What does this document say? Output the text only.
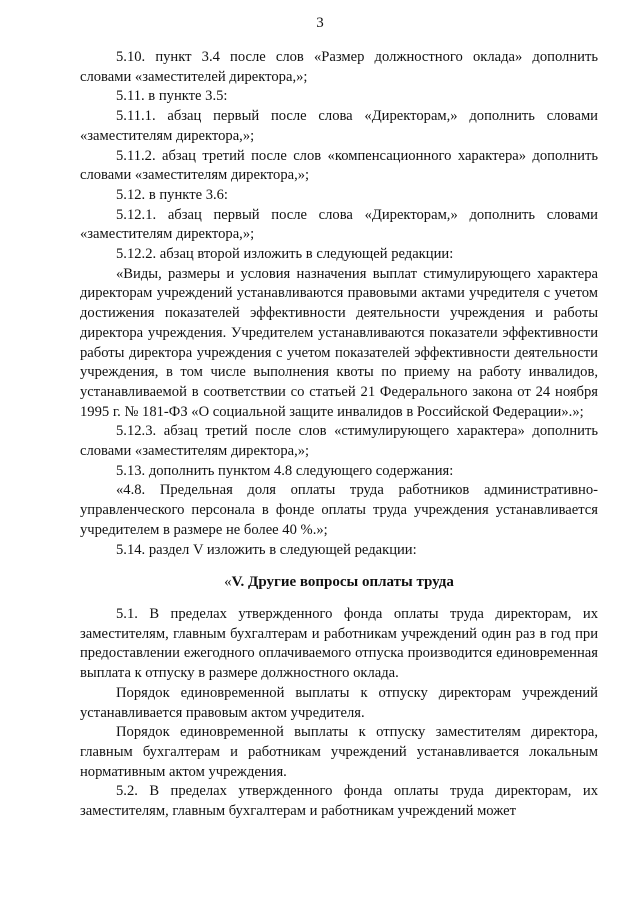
3

5.10. пункт 3.4 после слов «Размер должностного оклада» дополнить словами «заместителей директора,»;

5.11. в пункте 3.5:

5.11.1. абзац первый после слова «Директорам,» дополнить словами «заместителям директора,»;

5.11.2. абзац третий после слов «компенсационного характера» дополнить словами «заместителям директора,»;

5.12. в пункте 3.6:

5.12.1. абзац первый после слова «Директорам,» дополнить словами «заместителям директора,»;

5.12.2. абзац второй изложить в следующей редакции:

«Виды, размеры и условия назначения выплат стимулирующего характера директорам учреждений устанавливаются правовыми актами учредителя с учетом достижения показателей эффективности деятельности учреждения и работы директора учреждения. Учредителем устанавливаются показатели эффективности работы директора учреждения с учетом показателей эффективности деятельности учреждения, в том числе выполнения квоты по приему на работу инвалидов, устанавливаемой в соответствии со статьей 21 Федерального закона от 24 ноября 1995 г. № 181-ФЗ «О социальной защите инвалидов в Российской Федерации».»;

5.12.3. абзац третий после слов «стимулирующего характера» дополнить словами «заместителям директора,»;

5.13. дополнить пунктом 4.8 следующего содержания:

«4.8. Предельная доля оплаты труда работников административно-управленческого персонала в фонде оплаты труда учреждения устанавливается учредителем в размере не более 40 %.»;

5.14. раздел V изложить в следующей редакции:

«V. Другие вопросы оплаты труда

5.1. В пределах утвержденного фонда оплаты труда директорам, их заместителям, главным бухгалтерам и работникам учреждений один раз в год при предоставлении ежегодного оплачиваемого отпуска производится единовременная выплата к отпуску в размере должностного оклада.

Порядок единовременной выплаты к отпуску директорам учреждений устанавливается правовым актом учредителя.

Порядок единовременной выплаты к отпуску заместителям директора, главным бухгалтерам и работникам учреждений устанавливается локальным нормативным актом учреждения.

5.2. В пределах утвержденного фонда оплаты труда директорам, их заместителям, главным бухгалтерам и работникам учреждений может
